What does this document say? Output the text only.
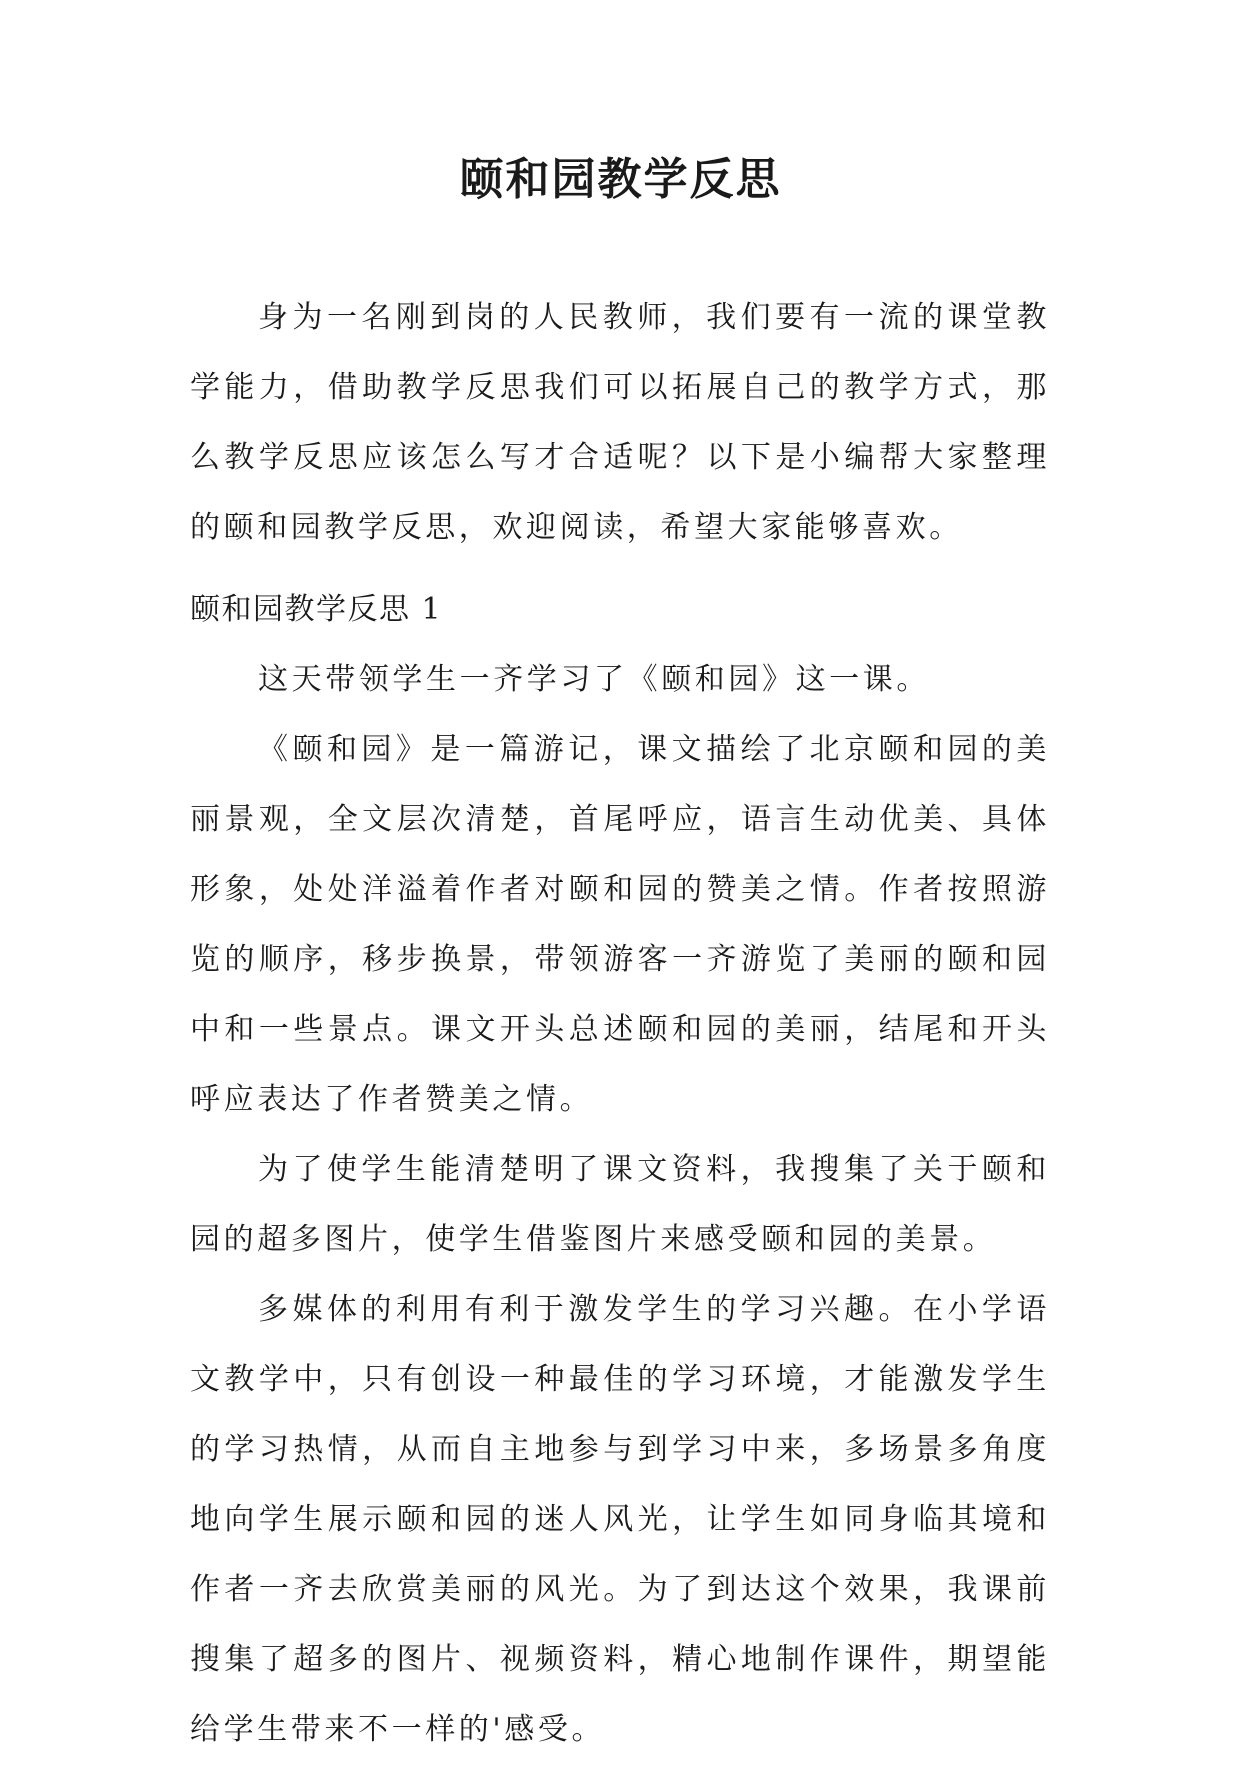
颐和园教学反思

身为一名刚到岗的人民教师，我们要有一流的课堂教学能力，借助教学反思我们可以拓展自己的教学方式，那么教学反思应该怎么写才合适呢？以下是小编帮大家整理的颐和园教学反思，欢迎阅读，希望大家能够喜欢。

颐和园教学反思 1

这天带领学生一齐学习了《颐和园》这一课。

《颐和园》是一篇游记，课文描绘了北京颐和园的美丽景观，全文层次清楚，首尾呼应，语言生动优美、具体形象，处处洋溢着作者对颐和园的赞美之情。作者按照游览的顺序，移步换景，带领游客一齐游览了美丽的颐和园中和一些景点。课文开头总述颐和园的美丽，结尾和开头呼应表达了作者赞美之情。

为了使学生能清楚明了课文资料，我搜集了关于颐和园的超多图片，使学生借鉴图片来感受颐和园的美景。

多媒体的利用有利于激发学生的学习兴趣。在小学语文教学中，只有创设一种最佳的学习环境，才能激发学生的学习热情，从而自主地参与到学习中来，多场景多角度地向学生展示颐和园的迷人风光，让学生如同身临其境和作者一齐去欣赏美丽的风光。为了到达这个效果，我课前搜集了超多的图片、视频资料，精心地制作课件，期望能给学生带来不一样的'感受。
